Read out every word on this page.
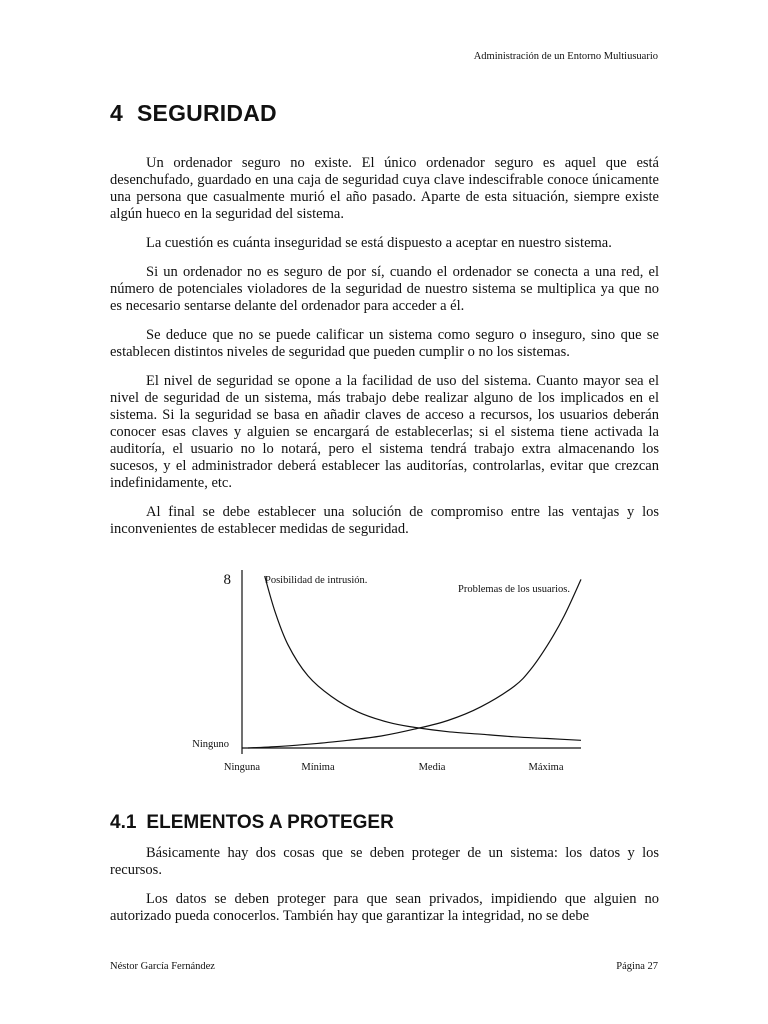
Administración de un Entorno Multiusuario
4 SEGURIDAD

Un ordenador seguro no existe. El único ordenador seguro es aquel que está desenchufado, guardado en una caja de seguridad cuya clave indescifrable conoce únicamente una persona que casualmente murió el año pasado. Aparte de esta situación, siempre existe algún hueco en la seguridad del sistema.

La cuestión es cuánta inseguridad se está dispuesto a aceptar en nuestro sistema.

Si un ordenador no es seguro de por sí, cuando el ordenador se conecta a una red, el número de potenciales violadores de la seguridad de nuestro sistema se multiplica ya que no es necesario sentarse delante del ordenador para acceder a él.

Se deduce que no se puede calificar un sistema como seguro o inseguro, sino que se establecen distintos niveles de seguridad que pueden cumplir o no los sistemas.

El nivel de seguridad se opone a la facilidad de uso del sistema. Cuanto mayor sea el nivel de seguridad de un sistema, más trabajo debe realizar alguno de los implicados en el sistema. Si la seguridad se basa en añadir claves de acceso a recursos, los usuarios deberán conocer esas claves y alguien se encargará de establecerlas; si el sistema tiene activada la auditoría, el usuario no lo notará, pero el sistema tendrá trabajo extra almacenando los sucesos, y el administrador deberá establecer las auditorías, controlarlas, evitar que crezcan indefinidamente, etc.

Al final se debe establecer una solución de compromiso entre las ventajas y los inconvenientes de establecer medidas de seguridad.

Posibilidad de intrusión.
Problemas de los usuarios.
8
Ninguno
Ninguna	Mínima	Media	Máxima
4.1 ELEMENTOS A PROTEGER

Básicamente hay dos cosas que se deben proteger de un sistema: los datos y los recursos.

Los datos se deben proteger para que sean privados, impidiendo que alguien no autorizado pueda conocerlos. También hay que garantizar la integridad, no se debe

Néstor García Fernández	Página 27
